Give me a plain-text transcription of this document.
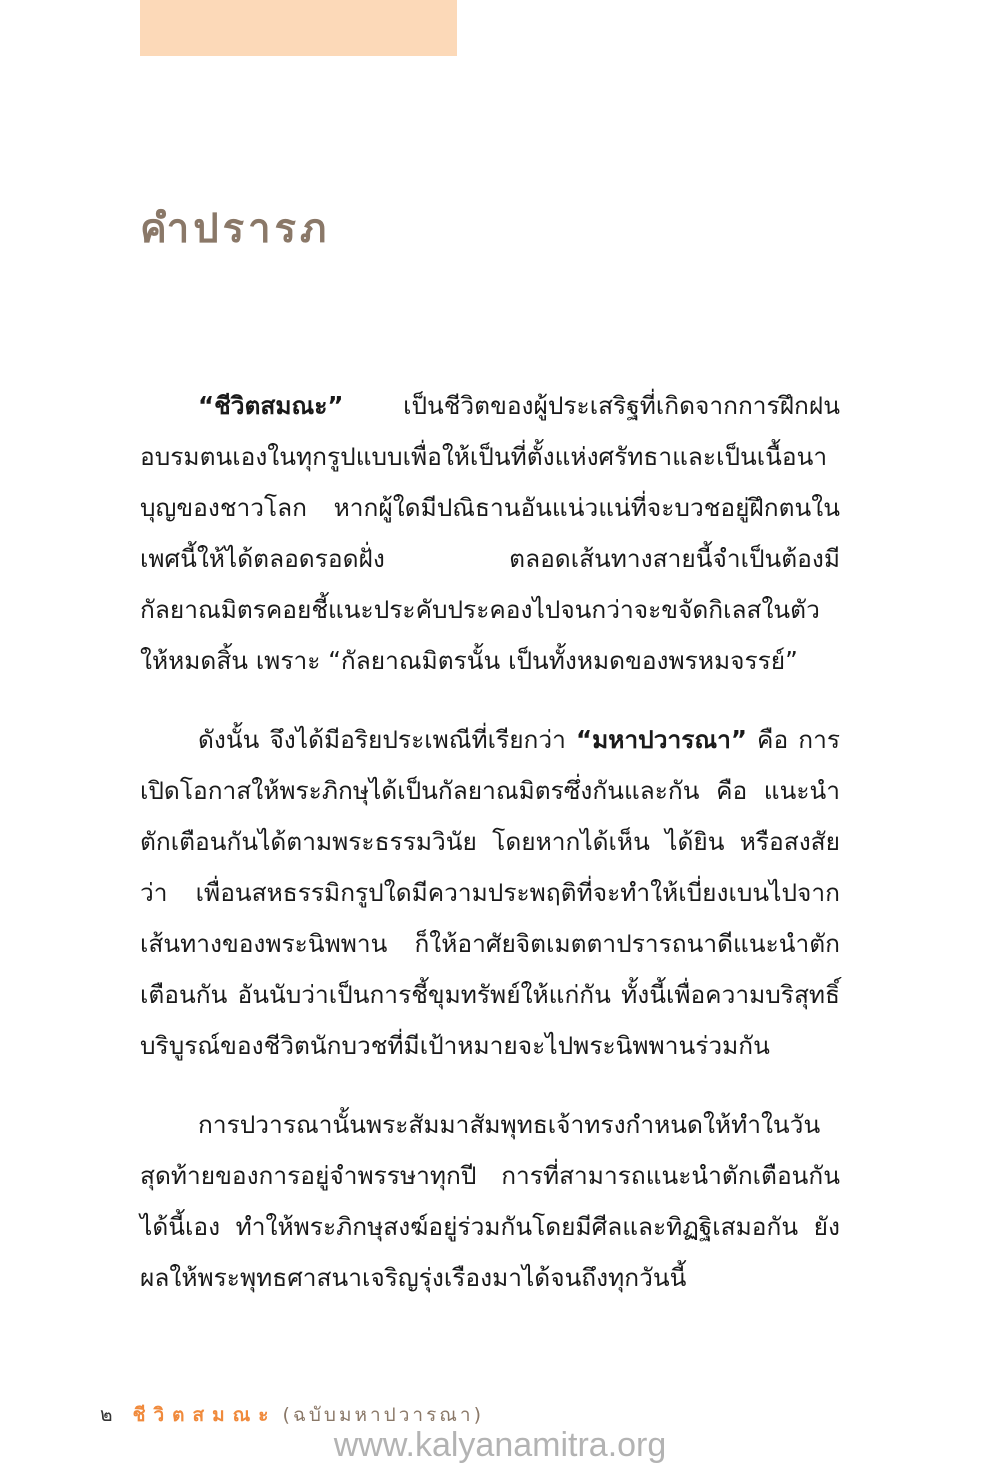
คำปรารภ

“ชีวิตสมณะ” เป็นชีวิตของผู้ประเสริฐที่เกิดจากการฝึกฝนอบรมตนเองในทุกรูปแบบเพื่อให้เป็นที่ตั้งแห่งศรัทธาและเป็นเนื้อนาบุญของชาวโลก หากผู้ใดมีปณิธานอันแน่วแน่ที่จะบวชอยู่ฝึกตนในเพศนี้ให้ได้ตลอดรอดฝั่ง ตลอดเส้นทางสายนี้จำเป็นต้องมีกัลยาณมิตรคอยชี้แนะประคับประคองไปจนกว่าจะขจัดกิเลสในตัวให้หมดสิ้น เพราะ “กัลยาณมิตรนั้น เป็นทั้งหมดของพรหมจรรย์”

ดังนั้น จึงได้มีอริยประเพณีที่เรียกว่า “มหาปวารณา” คือ การเปิดโอกาสให้พระภิกษุได้เป็นกัลยาณมิตรซึ่งกันและกัน คือ แนะนำตักเตือนกันได้ตามพระธรรมวินัย โดยหากได้เห็น ได้ยิน หรือสงสัยว่า เพื่อนสหธรรมิกรูปใดมีความประพฤติที่จะทำให้เบี่ยงเบนไปจากเส้นทางของพระนิพพาน ก็ให้อาศัยจิตเมตตาปรารถนาดีแนะนำตักเตือนกัน อันนับว่าเป็นการชี้ขุมทรัพย์ให้แก่กัน ทั้งนี้เพื่อความบริสุทธิ์บริบูรณ์ของชีวิตนักบวชที่มีเป้าหมายจะไปพระนิพพานร่วมกัน

การปวารณานั้นพระสัมมาสัมพุทธเจ้าทรงกำหนดให้ทำในวันสุดท้ายของการอยู่จำพรรษาทุกปี การที่สามารถแนะนำตักเตือนกันได้นี้เอง ทำให้พระภิกษุสงฆ์อยู่ร่วมกันโดยมีศีลและทิฏฐิเสมอกัน ยังผลให้พระพุทธศาสนาเจริญรุ่งเรืองมาได้จนถึงทุกวันนี้

๒ ชีวิตสมณะ (ฉบับมหาปวารณา)
www.kalyanamitra.org
